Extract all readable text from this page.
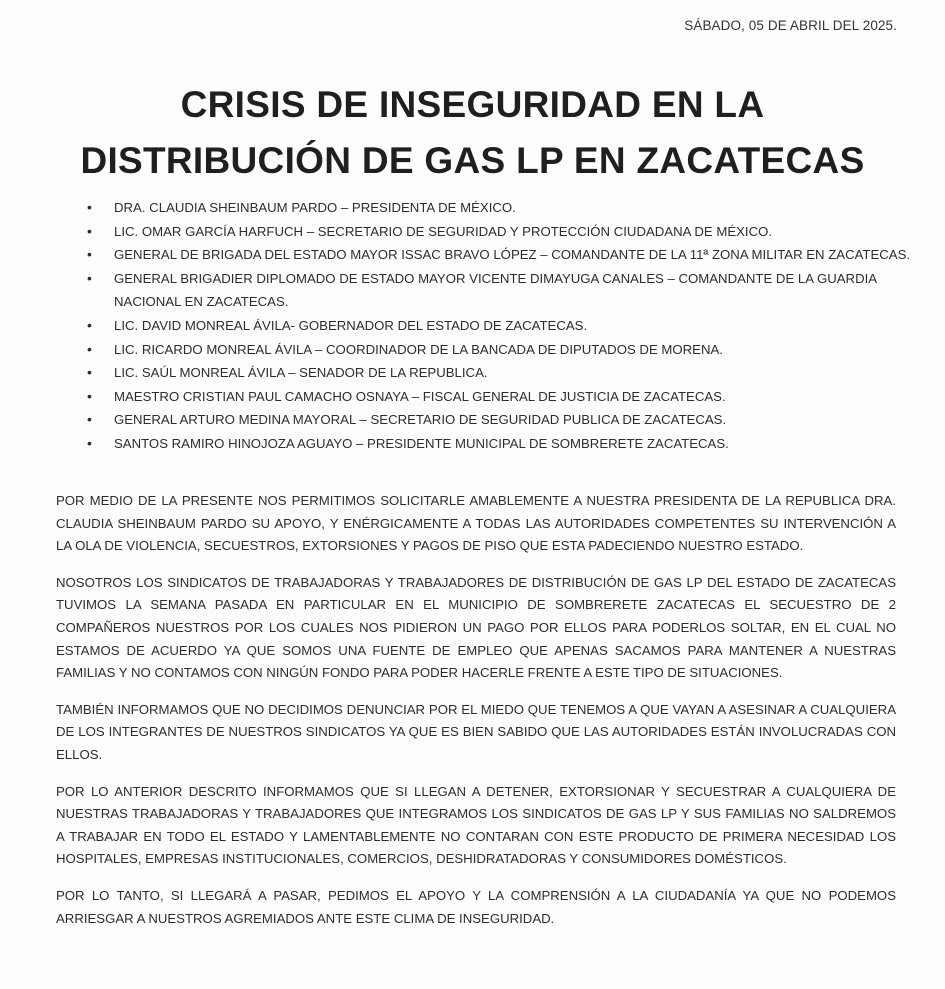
SÁBADO, 05 DE ABRIL DEL 2025.
CRISIS DE INSEGURIDAD EN LA
DISTRIBUCIÓN DE GAS LP EN ZACATECAS
• DRA. CLAUDIA SHEINBAUM PARDO – PRESIDENTA DE MÉXICO.
• LIC. OMAR GARCÍA HARFUCH – SECRETARIO DE SEGURIDAD Y PROTECCIÓN CIUDADANA DE MÉXICO.
• GENERAL DE BRIGADA DEL ESTADO MAYOR ISSAC BRAVO LÓPEZ – COMANDANTE DE LA 11ª ZONA MILITAR EN ZACATECAS.
• GENERAL BRIGADIER DIPLOMADO DE ESTADO MAYOR VICENTE DIMAYUGA CANALES – COMANDANTE DE LA GUARDIA NACIONAL EN ZACATECAS.
• LIC. DAVID MONREAL ÁVILA- GOBERNADOR DEL ESTADO DE ZACATECAS.
• LIC. RICARDO MONREAL ÁVILA – COORDINADOR DE LA BANCADA DE DIPUTADOS DE MORENA.
• LIC. SAÚL MONREAL ÁVILA – SENADOR DE LA REPUBLICA.
• MAESTRO CRISTIAN PAUL CAMACHO OSNAYA – FISCAL GENERAL DE JUSTICIA DE ZACATECAS.
• GENERAL ARTURO MEDINA MAYORAL – SECRETARIO DE SEGURIDAD PUBLICA DE ZACATECAS.
• SANTOS RAMIRO HINOJOZA AGUAYO – PRESIDENTE MUNICIPAL DE SOMBRERETE ZACATECAS.

POR MEDIO DE LA PRESENTE NOS PERMITIMOS SOLICITARLE AMABLEMENTE A NUESTRA PRESIDENTA DE LA REPUBLICA DRA. CLAUDIA SHEINBAUM PARDO SU APOYO, Y ENÉRGICAMENTE A TODAS LAS AUTORIDADES COMPETENTES SU INTERVENCIÓN A LA OLA DE VIOLENCIA, SECUESTROS, EXTORSIONES Y PAGOS DE PISO QUE ESTA PADECIENDO NUESTRO ESTADO.

NOSOTROS LOS SINDICATOS DE TRABAJADORAS Y TRABAJADORES DE DISTRIBUCIÓN DE GAS LP DEL ESTADO DE ZACATECAS TUVIMOS LA SEMANA PASADA EN PARTICULAR EN EL MUNICIPIO DE SOMBRERETE ZACATECAS EL SECUESTRO DE 2 COMPAÑEROS NUESTROS POR LOS CUALES NOS PIDIERON UN PAGO POR ELLOS PARA PODERLOS SOLTAR, EN EL CUAL NO ESTAMOS DE ACUERDO YA QUE SOMOS UNA FUENTE DE EMPLEO QUE APENAS SACAMOS PARA MANTENER A NUESTRAS FAMILIAS Y NO CONTAMOS CON NINGÚN FONDO PARA PODER HACERLE FRENTE A ESTE TIPO DE SITUACIONES.

TAMBIÉN INFORMAMOS QUE NO DECIDIMOS DENUNCIAR POR EL MIEDO QUE TENEMOS A QUE VAYAN A ASESINAR A CUALQUIERA DE LOS INTEGRANTES DE NUESTROS SINDICATOS YA QUE ES BIEN SABIDO QUE LAS AUTORIDADES ESTÁN INVOLUCRADAS CON ELLOS.

POR LO ANTERIOR DESCRITO INFORMAMOS QUE SI LLEGAN A DETENER, EXTORSIONAR Y SECUESTRAR A CUALQUIERA DE NUESTRAS TRABAJADORAS Y TRABAJADORES QUE INTEGRAMOS LOS SINDICATOS DE GAS LP Y SUS FAMILIAS NO SALDREMOS A TRABAJAR EN TODO EL ESTADO Y LAMENTABLEMENTE NO CONTARAN CON ESTE PRODUCTO DE PRIMERA NECESIDAD LOS HOSPITALES, EMPRESAS INSTITUCIONALES, COMERCIOS, DESHIDRATADORAS Y CONSUMIDORES DOMÉSTICOS.

POR LO TANTO, SI LLEGARÁ A PASAR, PEDIMOS EL APOYO Y LA COMPRENSIÓN A LA CIUDADANÍA YA QUE NO PODEMOS ARRIESGAR A NUESTROS AGREMIADOS ANTE ESTE CLIMA DE INSEGURIDAD.
